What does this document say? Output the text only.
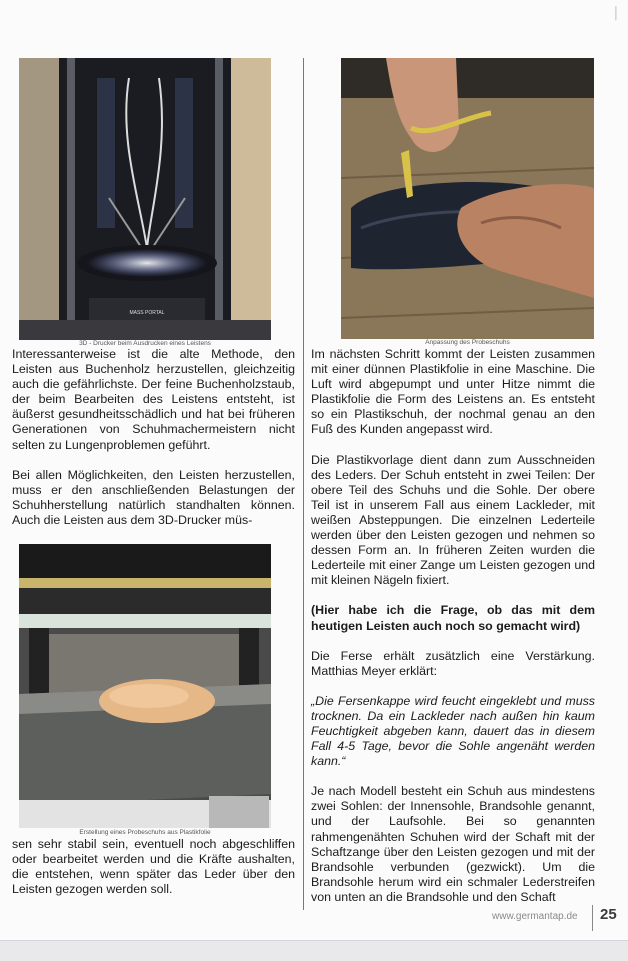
❘
MASS PORTAL
3D - Drucker beim Ausdrucken eines Leistens

Interessanterweise ist die alte Methode, den Leisten aus Buchenholz herzustellen, gleichzeitig auch die gefährlichste. Der feine Buchenholzstaub, der beim Bearbeiten des Leistens entsteht, ist äußerst gesundheitsschädlich und hat bei früheren Generationen von Schuhmachermeistern nicht selten zu Lungenproblemen geführt.

Bei allen Möglichkeiten, den Leisten herzustellen, muss er den anschließenden Belastungen der Schuhherstellung natürlich standhalten können. Auch die Leisten aus dem 3D-Drucker müs-

Erstellung eines Probeschuhs aus Plastikfolie

sen sehr stabil sein, eventuell noch abgeschliffen oder bearbeitet werden und die Kräfte aushalten, die entstehen, wenn später das Leder über den Leisten gezogen werden soll.

Anpassung des Probeschuhs

Im nächsten Schritt kommt der Leisten zusammen mit einer dünnen Plastikfolie in eine Maschine. Die Luft wird abgepumpt und unter Hitze nimmt die Plastikfolie die Form des Leistens an. Es entsteht so ein Plastikschuh, der nochmal genau an den Fuß des Kunden angepasst wird.

Die Plastikvorlage dient dann zum Ausschneiden des Leders. Der Schuh entsteht in zwei Teilen: Der obere Teil des Schuhs und die Sohle. Der obere Teil ist in unserem Fall aus einem Lackleder, mit weißen Absteppungen. Die einzelnen Lederteile werden über den Leisten gezogen und nehmen so dessen Form an. In früheren Zeiten wurden die Lederteile mit einer Zange um Leisten gezogen und mit kleinen Nägeln fixiert.

(Hier habe ich die Frage, ob das mit dem heutigen Leisten auch noch so gemacht wird)

Die Ferse erhält zusätzlich eine Verstärkung. Matthias Meyer erklärt:

„Die Fersenkappe wird feucht eingeklebt und muss trocknen. Da ein Lackleder nach außen hin kaum Feuchtigkeit abgeben kann, dauert das in diesem Fall 4-5 Tage, bevor die Sohle angenäht werden kann.“

Je nach Modell besteht ein Schuh aus mindestens zwei Sohlen: der Innensohle, Brandsohle genannt, und der Laufsohle. Bei so genannten rahmengenähten Schuhen wird der Schaft mit der Schaftzange über den Leisten gezogen und mit der Brandsohle verbunden (gezwickt). Um die Brandsohle herum wird ein schmaler Lederstreifen von unten an die Brandsohle und den Schaft

www.germantap.de 25
